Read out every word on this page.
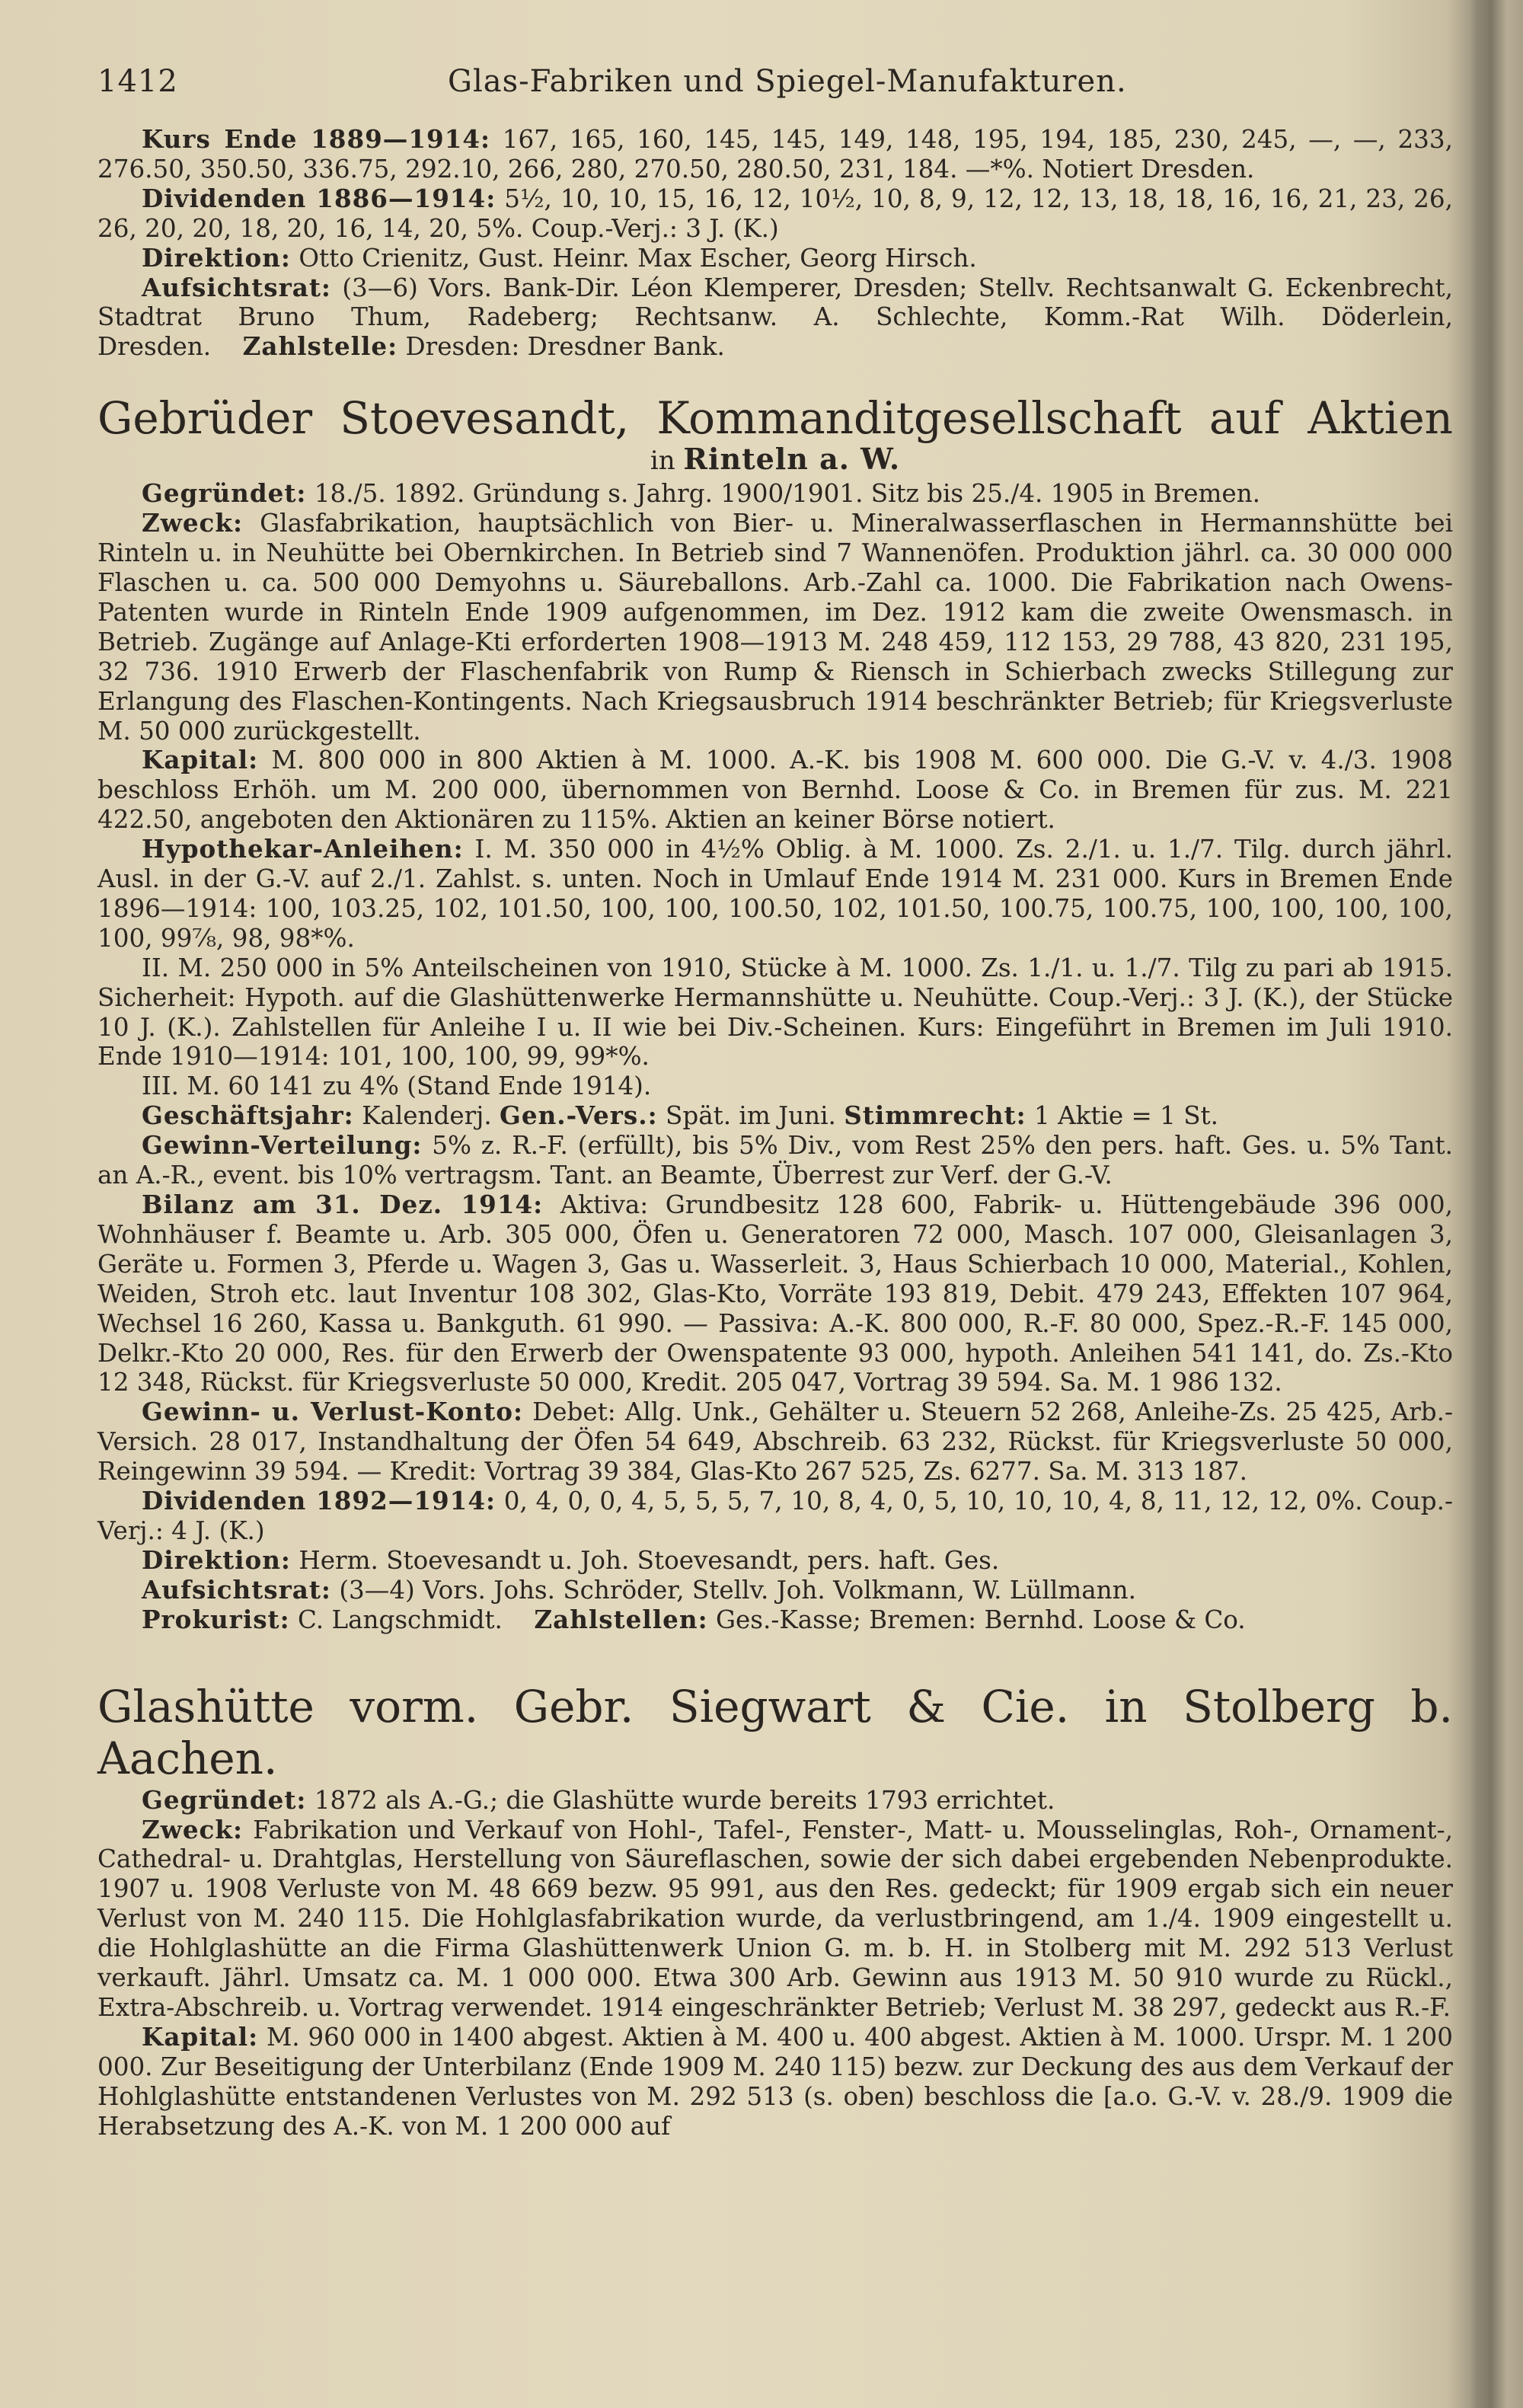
1412	Glas-Fabriken und Spiegel-Manufakturen.

Kurs Ende 1889—1914: 167, 165, 160, 145, 145, 149, 148, 195, 194, 185, 230, 245, —, —, 233, 276.50, 350.50, 336.75, 292.10, 266, 280, 270.50, 280.50, 231, 184. —*%. Notiert Dresden.

Dividenden 1886—1914: 5½, 10, 10, 15, 16, 12, 10½, 10, 8, 9, 12, 12, 13, 18, 18, 16, 16, 21, 23, 26, 26, 20, 20, 18, 20, 16, 14, 20, 5%. Coup.-Verj.: 3 J. (K.)

Direktion: Otto Crienitz, Gust. Heinr. Max Escher, Georg Hirsch.

Aufsichtsrat: (3—6) Vors. Bank-Dir. Léon Klemperer, Dresden; Stellv. Rechtsanwalt G. Eckenbrecht, Stadtrat Bruno Thum, Radeberg; Rechtsanw. A. Schlechte, Komm.-Rat Wilh. Döderlein, Dresden. Zahlstelle: Dresden: Dresdner Bank.

Gebrüder Stoevesandt, Kommanditgesellschaft auf Aktien
in Rinteln a. W.

Gegründet: 18./5. 1892. Gründung s. Jahrg. 1900/1901. Sitz bis 25./4. 1905 in Bremen.

Zweck: Glasfabrikation, hauptsächlich von Bier- u. Mineralwasserflaschen in Hermannshütte bei Rinteln u. in Neuhütte bei Obernkirchen. In Betrieb sind 7 Wannenöfen. Produktion jährl. ca. 30 000 000 Flaschen u. ca. 500 000 Demyohns u. Säureballons. Arb.-Zahl ca. 1000. Die Fabrikation nach Owens-Patenten wurde in Rinteln Ende 1909 aufgenommen, im Dez. 1912 kam die zweite Owensmasch. in Betrieb. Zugänge auf Anlage-Kti erforderten 1908—1913 M. 248 459, 112 153, 29 788, 43 820, 231 195, 32 736. 1910 Erwerb der Flaschenfabrik von Rump & Riensch in Schierbach zwecks Stillegung zur Erlangung des Flaschen-Kontingents. Nach Kriegsausbruch 1914 beschränkter Betrieb; für Kriegsverluste M. 50 000 zurückgestellt.

Kapital: M. 800 000 in 800 Aktien à M. 1000. A.-K. bis 1908 M. 600 000. Die G.-V. v. 4./3. 1908 beschloss Erhöh. um M. 200 000, übernommen von Bernhd. Loose & Co. in Bremen für zus. M. 221 422.50, angeboten den Aktionären zu 115%. Aktien an keiner Börse notiert.

Hypothekar-Anleihen: I. M. 350 000 in 4½% Oblig. à M. 1000. Zs. 2./1. u. 1./7. Tilg. durch jährl. Ausl. in der G.-V. auf 2./1. Zahlst. s. unten. Noch in Umlauf Ende 1914 M. 231 000. Kurs in Bremen Ende 1896—1914: 100, 103.25, 102, 101.50, 100, 100, 100.50, 102, 101.50, 100.75, 100.75, 100, 100, 100, 100, 100, 99⅞, 98, 98*%.

II. M. 250 000 in 5% Anteilscheinen von 1910, Stücke à M. 1000. Zs. 1./1. u. 1./7. Tilg zu pari ab 1915. Sicherheit: Hypoth. auf die Glashüttenwerke Hermannshütte u. Neuhütte. Coup.-Verj.: 3 J. (K.), der Stücke 10 J. (K.). Zahlstellen für Anleihe I u. II wie bei Div.-Scheinen. Kurs: Eingeführt in Bremen im Juli 1910. Ende 1910—1914: 101, 100, 100, 99, 99*%.

III. M. 60 141 zu 4% (Stand Ende 1914).

Geschäftsjahr: Kalenderj. Gen.-Vers.: Spät. im Juni. Stimmrecht: 1 Aktie = 1 St.

Gewinn-Verteilung: 5% z. R.-F. (erfüllt), bis 5% Div., vom Rest 25% den pers. haft. Ges. u. 5% Tant. an A.-R., event. bis 10% vertragsm. Tant. an Beamte, Überrest zur Verf. der G.-V.

Bilanz am 31. Dez. 1914: Aktiva: Grundbesitz 128 600, Fabrik- u. Hüttengebäude 396 000, Wohnhäuser f. Beamte u. Arb. 305 000, Öfen u. Generatoren 72 000, Masch. 107 000, Gleisanlagen 3, Geräte u. Formen 3, Pferde u. Wagen 3, Gas u. Wasserleit. 3, Haus Schierbach 10 000, Material., Kohlen, Weiden, Stroh etc. laut Inventur 108 302, Glas-Kto, Vorräte 193 819, Debit. 479 243, Effekten 107 964, Wechsel 16 260, Kassa u. Bankguth. 61 990. — Passiva: A.-K. 800 000, R.-F. 80 000, Spez.-R.-F. 145 000, Delkr.-Kto 20 000, Res. für den Erwerb der Owenspatente 93 000, hypoth. Anleihen 541 141, do. Zs.-Kto 12 348, Rückst. für Kriegsverluste 50 000, Kredit. 205 047, Vortrag 39 594. Sa. M. 1 986 132.

Gewinn- u. Verlust-Konto: Debet: Allg. Unk., Gehälter u. Steuern 52 268, Anleihe-Zs. 25 425, Arb.-Versich. 28 017, Instandhaltung der Öfen 54 649, Abschreib. 63 232, Rückst. für Kriegsverluste 50 000, Reingewinn 39 594. — Kredit: Vortrag 39 384, Glas-Kto 267 525, Zs. 6277. Sa. M. 313 187.

Dividenden 1892—1914: 0, 4, 0, 0, 4, 5, 5, 5, 7, 10, 8, 4, 0, 5, 10, 10, 10, 4, 8, 11, 12, 12, 0%. Coup.-Verj.: 4 J. (K.)

Direktion: Herm. Stoevesandt u. Joh. Stoevesandt, pers. haft. Ges.

Aufsichtsrat: (3—4) Vors. Johs. Schröder, Stellv. Joh. Volkmann, W. Lüllmann.

Prokurist: C. Langschmidt. Zahlstellen: Ges.-Kasse; Bremen: Bernhd. Loose & Co.

Glashütte vorm. Gebr. Siegwart & Cie. in Stolberg b. Aachen.

Gegründet: 1872 als A.-G.; die Glashütte wurde bereits 1793 errichtet.

Zweck: Fabrikation und Verkauf von Hohl-, Tafel-, Fenster-, Matt- u. Mousselinglas, Roh-, Ornament-, Cathedral- u. Drahtglas, Herstellung von Säureflaschen, sowie der sich dabei ergebenden Nebenprodukte. 1907 u. 1908 Verluste von M. 48 669 bezw. 95 991, aus den Res. gedeckt; für 1909 ergab sich ein neuer Verlust von M. 240 115. Die Hohlglasfabrikation wurde, da verlustbringend, am 1./4. 1909 eingestellt u. die Hohlglashütte an die Firma Glashüttenwerk Union G. m. b. H. in Stolberg mit M. 292 513 Verlust verkauft. Jährl. Umsatz ca. M. 1 000 000. Etwa 300 Arb. Gewinn aus 1913 M. 50 910 wurde zu Rückl., Extra-Abschreib. u. Vortrag verwendet. 1914 eingeschränkter Betrieb; Verlust M. 38 297, gedeckt aus R.-F.

Kapital: M. 960 000 in 1400 abgest. Aktien à M. 400 u. 400 abgest. Aktien à M. 1000. Urspr. M. 1 200 000. Zur Beseitigung der Unterbilanz (Ende 1909 M. 240 115) bezw. zur Deckung des aus dem Verkauf der Hohlglashütte entstandenen Verlustes von M. 292 513 (s. oben) beschloss die [a.o. G.-V. v. 28./9. 1909 die Herabsetzung des A.-K. von M. 1 200 000 auf
